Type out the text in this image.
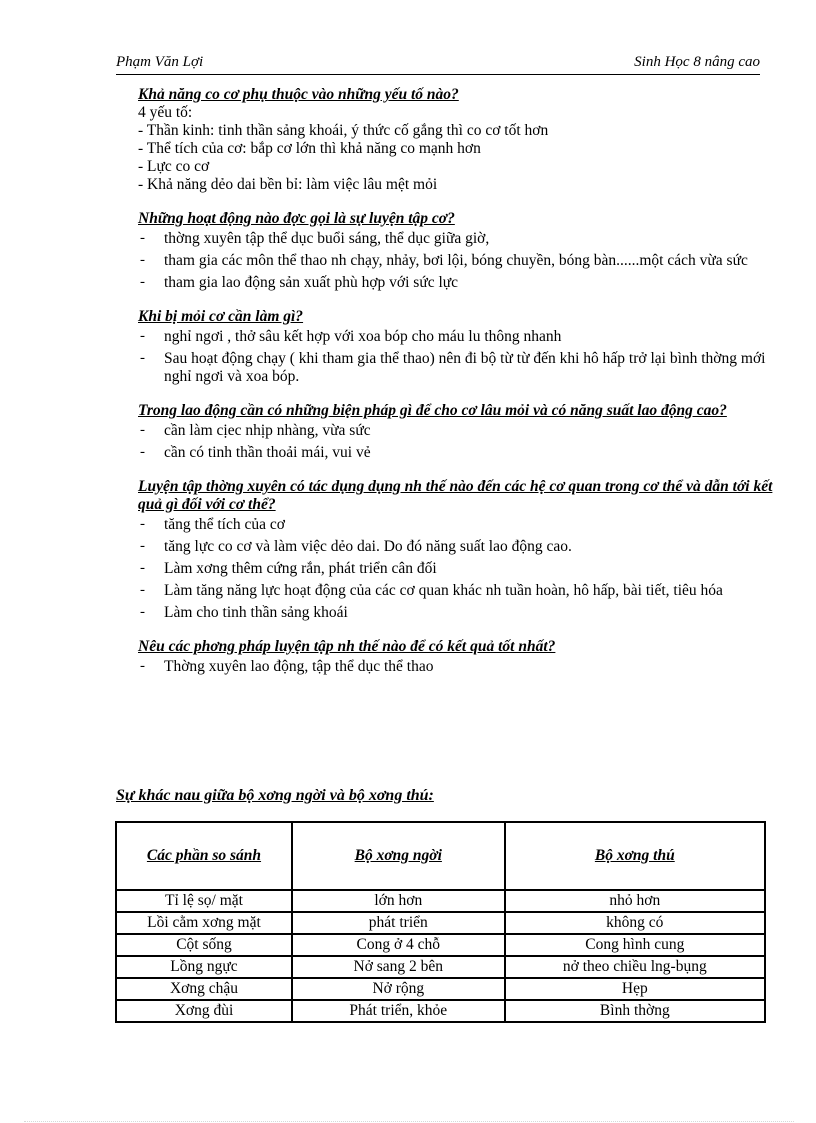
Phạm Văn Lợi	Sinh Học 8 nâng cao

Khả năng co cơ phụ thuộc vào những yếu tố nào?

4 yếu tố:

- Thần kinh: tinh thần sảng khoái, ý thức cố gắng thì co cơ tốt hơn

- Thể tích của cơ: bắp cơ lớn thì khả năng co mạnh hơn

- Lực co cơ

- Khả năng dẻo dai bền bỉ: làm việc lâu mệt mỏi

Những hoạt động nào đợc gọi là sự luyện tập cơ?

- thờng xuyên tập thể dục buổi sáng, thể dục giữa giờ,
- tham gia các môn thể thao nh chạy, nhảy, bơi lội, bóng chuyền, bóng bàn......một cách vừa sức
- tham gia lao động sản xuất phù hợp với sức lực

Khi bị mỏi cơ cần làm gì?

- nghỉ ngơi , thở sâu kết hợp với xoa bóp cho máu lu thông nhanh
- Sau hoạt động chạy ( khi tham gia thể thao) nên đi bộ từ từ đến khi hô hấp trở lại bình thờng mới nghỉ ngơi và xoa bóp.

Trong lao động cần có những biện pháp gì để cho cơ lâu mỏi và có năng suất lao động cao?

- cần làm cịec nhịp nhàng, vừa sức
- cần có tinh thần thoải mái, vui vẻ

Luyện tập thờng xuyên có tác dụng dụng nh thế nào đến các hệ cơ quan trong cơ thể và dẫn tới kết quả gì đối với cơ thể?

- tăng thể tích của cơ
- tăng lực co cơ và làm việc dẻo dai. Do đó năng suất lao động cao.
- Làm xơng thêm cứng rắn, phát triển cân đối
- Làm tăng năng lực hoạt động của các cơ quan khác nh tuần hoàn, hô hấp, bài tiết, tiêu hóa
- Làm cho tinh thần sảng khoái

Nêu các phơng pháp luyện tập nh thế nào để có kết quả tốt nhất?

- Thờng xuyên lao động, tập thể dục thể thao
Sự khác nau giữa bộ xơng ngời và bộ xơng thú:
Các phần so sánh	Bộ xơng ngời	Bộ xơng thú
Tỉ lệ sọ/ mặt	lớn hơn	nhỏ hơn
Lồi cằm xơng mặt	phát triển	không có
Cột sống	Cong ở 4 chỗ	Cong hình cung
Lồng ngực	Nở sang 2 bên	nở theo chiều lng-bụng
Xơng chậu	Nở rộng	Hẹp
Xơng đùi	Phát triển, khỏe	Bình thờng
